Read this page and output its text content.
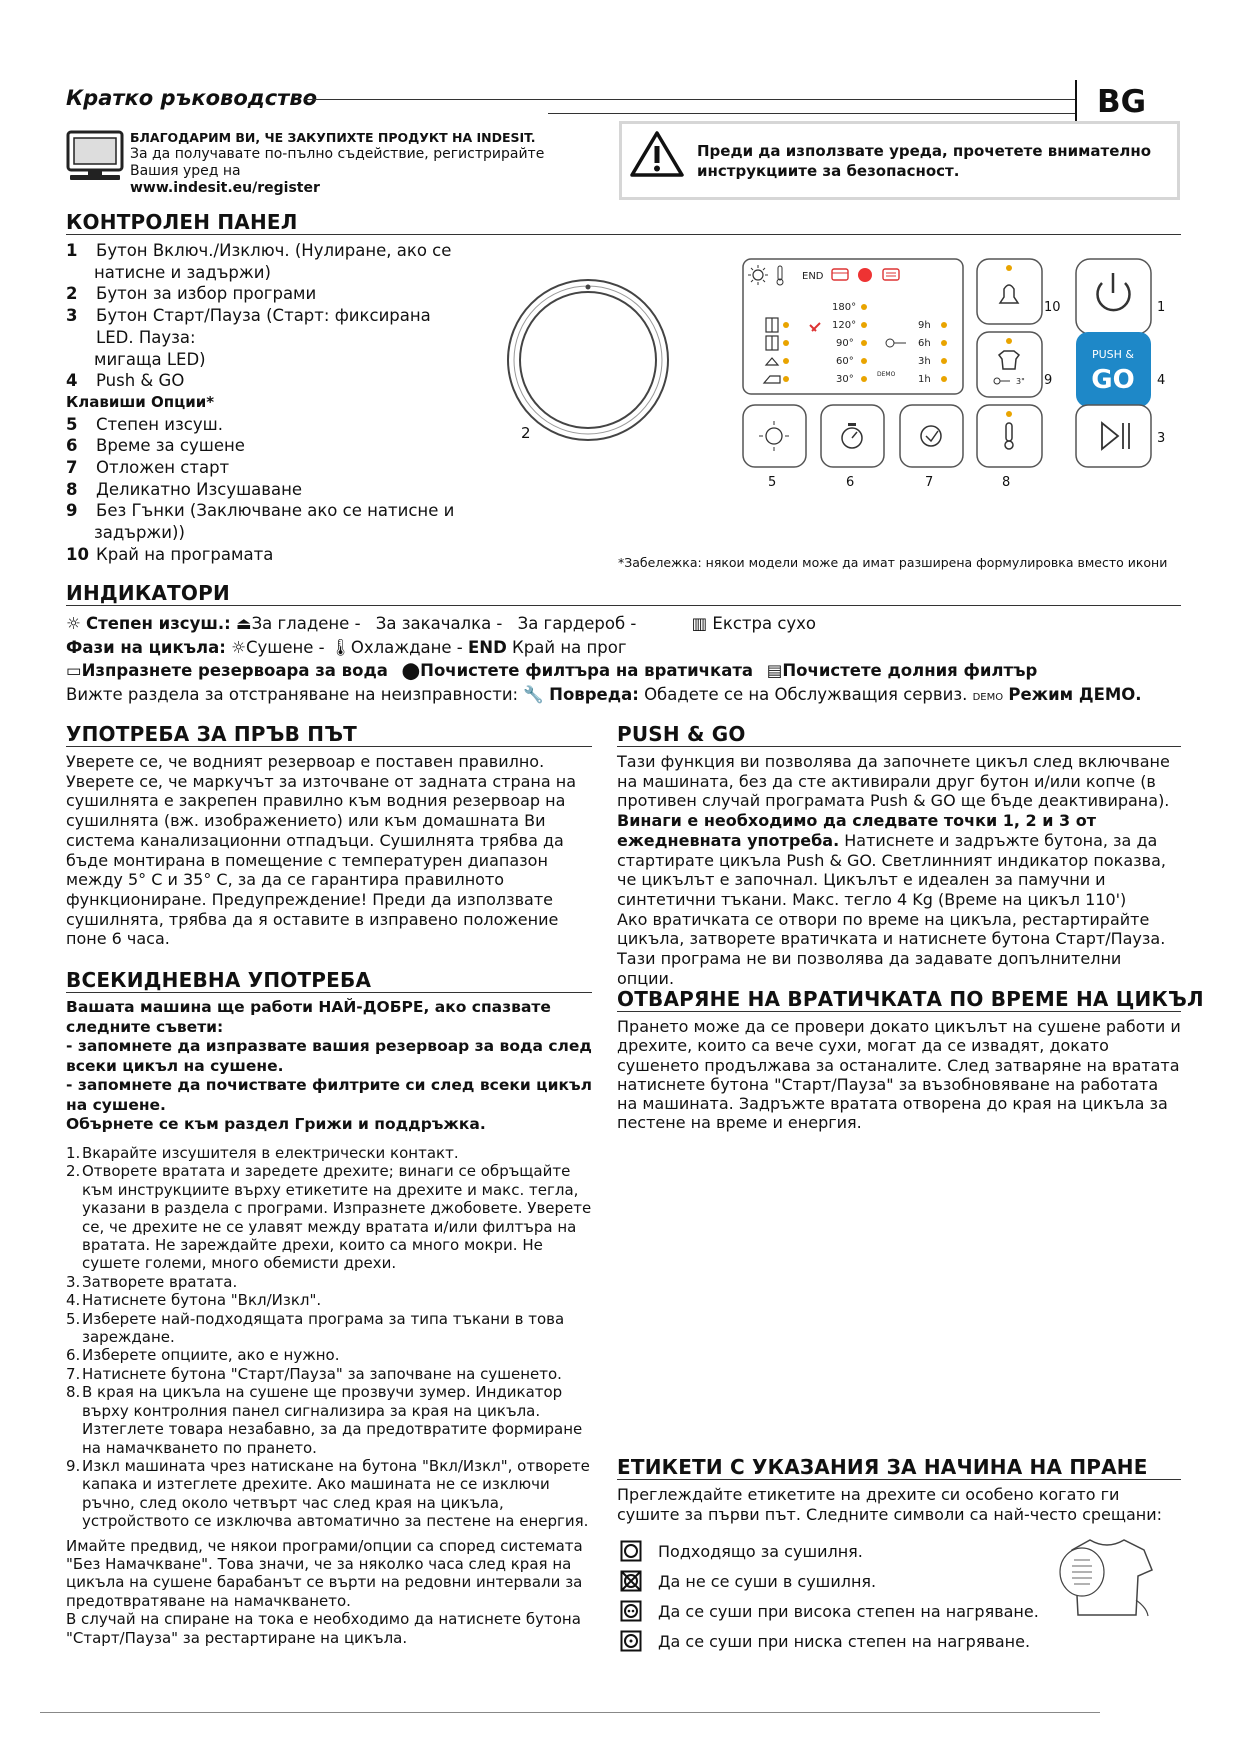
Кратко ръководство	BG
БЛАГОДАРИМ ВИ, ЧЕ ЗАКУПИХТЕ ПРОДУКТ НА INDESIT.
За да получавате по-пълно съдействие, регистрирайте
Вашия уред на
www.indesit.eu/register
Преди да използвате уреда, прочетете внимателно инструкциите за безопасност.
КОНТРОЛЕН ПАНЕЛ
1	Бутон Включ./Изключ. (Нулиране, ако се
натисне и задържи)
2	Бутон за избор програми
3	Бутон Старт/Пауза (Старт: фиксирана LED. Пауза:
мигаща LED)
4	Push & GO
Клавиши Опции*
5	Степен изсуш.
6	Време за сушене
7	Отложен старт
8	Деликатно Изсушаване
9	Без Гънки (Заключване ако се натисне и
задържи))
10 Край на програмата
2
END
180°
120°
90°
60°
30°
9h
6h
3h
1h
DEMO
10	1
3" 9
PUSH &
GO 4
3
5	6	7	8
*Забележка: някои модели може да имат разширена формулировка вместо икони
ИНДИКАТОРИ
☼ Степен изсуш.: ⏏За гладене - За закачалка - За гардероб -	▥ Екстра сухо
Фази на цикъла: ☼Сушене - 🌡Охлаждане - END Край на прог
▭Изпразнете резервоара за вода ⬤Почистете филтъра на вратичката ▤Почистете долния филтър
Вижте раздела за отстраняване на неизправности: 🔧 Повреда: Обадете се на Обслужващия сервиз. DEMO Режим ДЕМО.
УПОТРЕБА ЗА ПРЪВ ПЪТ
Уверете се, че водният резервоар е поставен правилно. Уверете се, че маркучът за източване от задната страна на сушилнята е закрепен правилно към водния резервоар на сушилнята (вж. изображението) или към домашната Ви система канализационни отпадъци. Сушилнята трябва да бъде монтирана в помещение с температурен диапазон между 5° C и 35° C, за да се гарантира правилното функциониране. Предупреждение! Преди да използвате сушилнята, трябва да я оставите в изправено положение поне 6 часа.
PUSH & GO
Тази функция ви позволява да започнете цикъл след включване на машината, без да сте активирали друг бутон и/или копче (в противен случай програмата Push & GO ще бъде деактивирана). Винаги е необходимо да следвате точки 1, 2 и 3 от ежедневната употреба. Натиснете и задръжте бутона, за да стартирате цикъла Push & GO. Светлинният индикатор показва, че цикълът е започнал. Цикълът е идеален за памучни и синтетични тъкани. Макс. тегло 4 Kg (Време на цикъл 110')
Ако вратичката се отвори по време на цикъла, рестартирайте цикъла, затворете вратичката и натиснете бутона Старт/Пауза.
Тази програма не ви позволява да задавате допълнителни опции.
ВСЕКИДНЕВНА УПОТРЕБА
Вашата машина ще работи НАЙ-ДОБРЕ, ако спазвате следните съвети:
- запомнете да изпразвате вашия резервоар за вода след всеки цикъл на сушене.
- запомнете да почиствате филтрите си след всеки цикъл на сушене.
Обърнете се към раздел Грижи и поддръжка.
1. Вкарайте изсушителя в електрически контакт.
2. Отворете вратата и заредете дрехите; винаги се обръщайте към инструкциите върху етикетите на дрехите и макс. тегла, указани в раздела с програми. Изпразнете джобовете. Уверете се, че дрехите не се улавят между вратата и/или филтъра на вратата. Не зареждайте дрехи, които са много мокри. Не сушете големи, много обемисти дрехи.
3. Затворете вратата.
4. Натиснете бутона "Вкл/Изкл".
5. Изберете най-подходящата програма за типа тъкани в това зареждане.
6. Изберете опциите, ако е нужно.
7. Натиснете бутона "Старт/Пауза" за започване на сушенето.
8. В края на цикъла на сушене ще прозвучи зумер. Индикатор върху контролния панел сигнализира за края на цикъла. Изтеглете товара незабавно, за да предотвратите формиране на намачкването по прането.
9. Изкл машината чрез натискане на бутона "Вкл/Изкл", отворете капака и изтеглете дрехите. Ако машината не се изключи ръчно, след около четвърт час след края на цикъла, устройството се изключва автоматично за пестене на енергия.
Имайте предвид, че някои програми/опции са според системата "Без Намачкване". Това значи, че за няколко часа след края на цикъла на сушене барабанът се върти на редовни интервали за предотвратяване на намачкването.
В случай на спиране на тока е необходимо да натиснете бутона "Старт/Пауза" за рестартиране на цикъла.
ОТВАРЯНЕ НА ВРАТИЧКАТА ПО ВРЕМЕ НА ЦИКЪЛ
Прането може да се провери докато цикълът на сушене работи и дрехите, които са вече сухи, могат да се извадят, докато сушенето продължава за останалите. След затваряне на вратата натиснете бутона "Старт/Пауза" за възобновяване на работата на машината. Задръжте вратата отворена до края на цикъла за пестене на време и енергия.
ЕТИКЕТИ С УКАЗАНИЯ ЗА НАЧИНА НА ПРАНЕ
Преглеждайте етикетите на дрехите си особено когато ги сушите за първи път. Следните символи са най-често срещани:
Подходящо за сушилня.
Да не се суши в сушилня.
Да се суши при висока степен на нагряване.
Да се суши при ниска степен на нагряване.
